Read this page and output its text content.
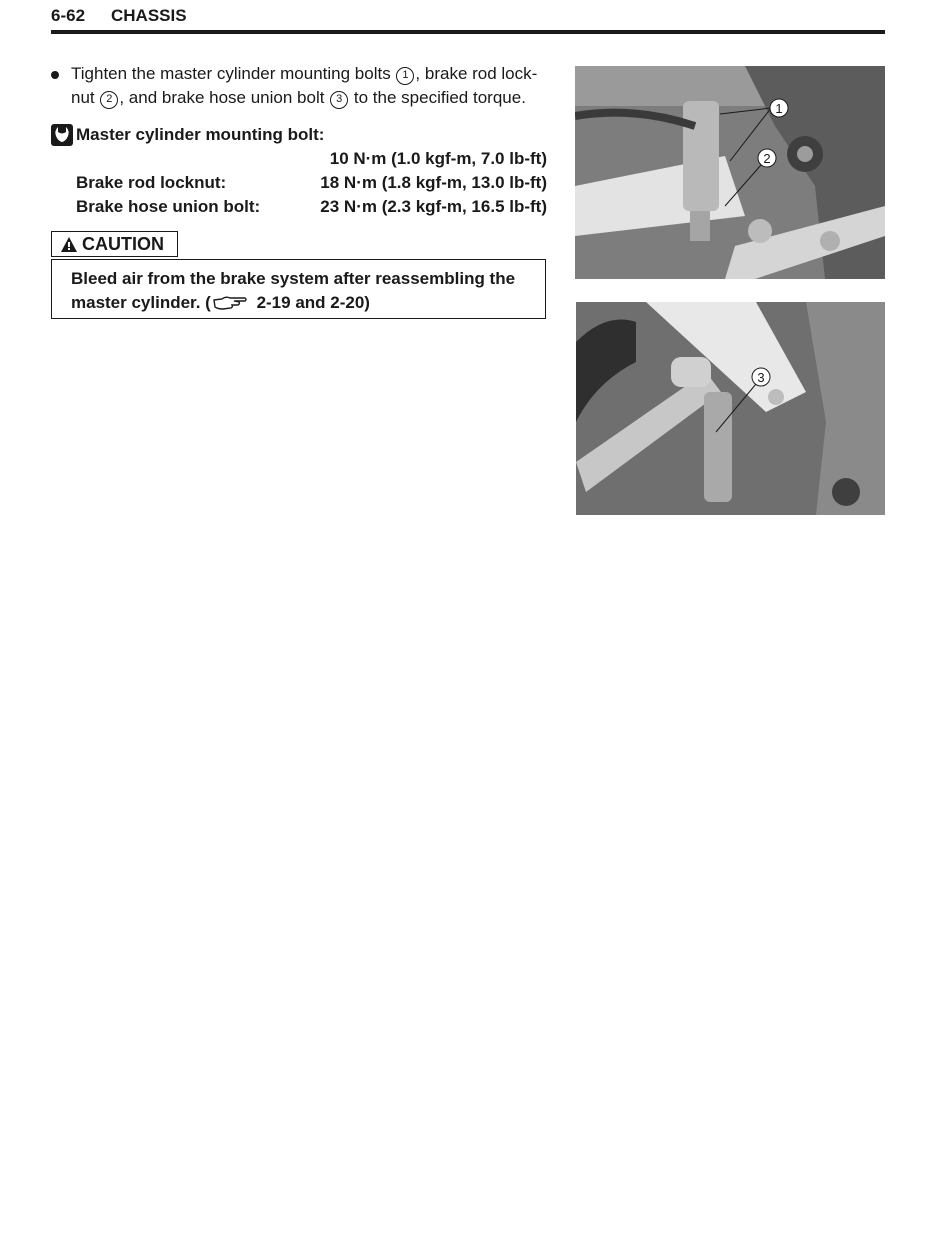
6-62 CHASSIS
Tighten the master cylinder mounting bolts 1 , brake rod lock-nut 2 , and brake hose union bolt 3 to the specified torque.
Master cylinder mounting bolt:
10 N·m (1.0 kgf-m, 7.0 lb-ft)
Brake rod locknut:	18 N·m (1.8 kgf-m, 13.0 lb-ft)
Brake hose union bolt:	23 N·m (2.3 kgf-m, 16.5 lb-ft)
CAUTION
Bleed air from the brake system after reassembling the
master cylinder. ( 2-19 and 2-20)
1
2
3
